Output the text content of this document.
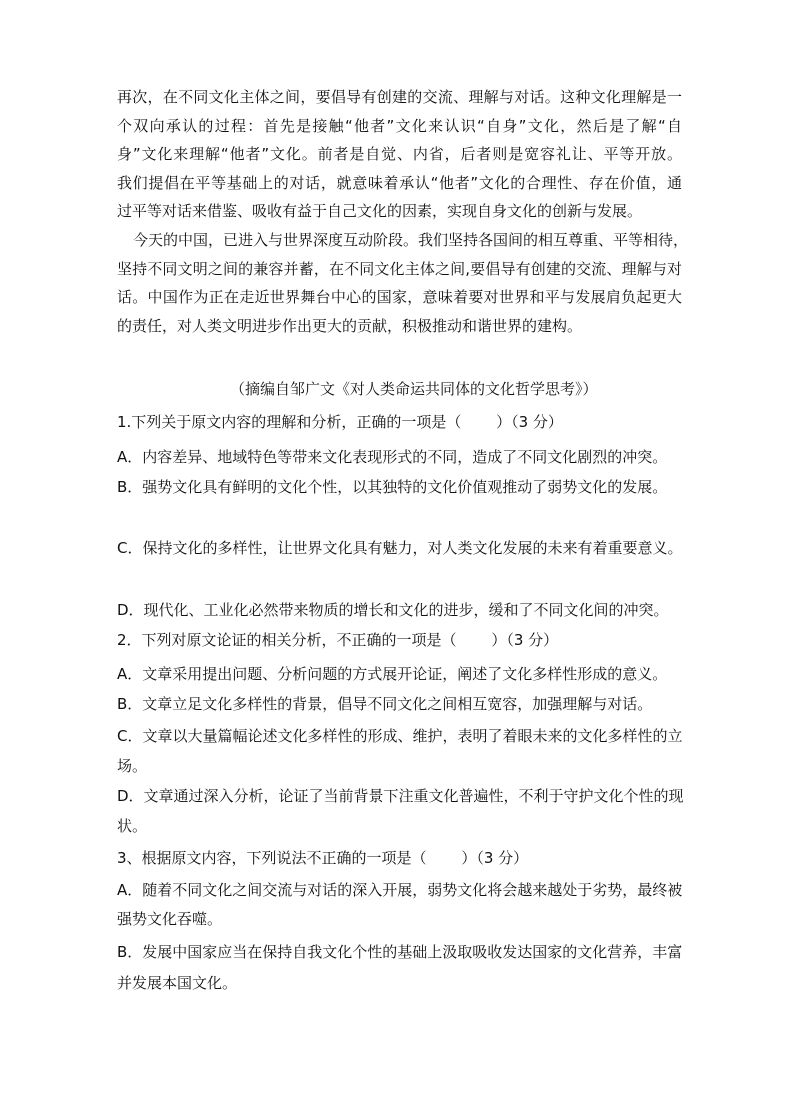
再次，在不同文化主体之间，要倡导有创建的交流、理解与对话。这种文化理解是一
个双向承认的过程：首先是接触“他者”文化来认识“自身”文化，然后是了解“自
身”文化来理解“他者”文化。前者是自觉、内省，后者则是宽容礼让、平等开放。
我们提倡在平等基础上的对话，就意味着承认“他者”文化的合理性、存在价值，通
过平等对话来借鉴、吸收有益于自己文化的因素，实现自身文化的创新与发展。
今天的中国，已进入与世界深度互动阶段。我们坚持各国间的相互尊重、平等相待，
坚持不同文明之间的兼容并蓄，在不同文化主体之间,要倡导有创建的交流、理解与对
话。中国作为正在走近世界舞台中心的国家，意味着要对世界和平与发展肩负起更大
的责任，对人类文明进步作出更大的贡献，积极推动和谐世界的建构。
（摘编自邹广文《对人类命运共同体的文化哲学思考》）
1.下列关于原文内容的理解和分析，正确的一项是（　　 ）（3 分）
A．内容差异、地域特色等带来文化表现形式的不同，造成了不同文化剧烈的冲突。
B．强势文化具有鲜明的文化个性，以其独特的文化价值观推动了弱势文化的发展。
C．保持文化的多样性，让世界文化具有魅力，对人类文化发展的未来有着重要意义。
D．现代化、工业化必然带来物质的增长和文化的进步，缓和了不同文化间的冲突。
2．下列对原文论证的相关分析，不正确的一项是（　　 ）（3 分）
A．文章采用提出问题、分析问题的方式展开论证，阐述了文化多样性形成的意义。
B．文章立足文化多样性的背景，倡导不同文化之间相互宽容，加强理解与对话。
C．文章以大量篇幅论述文化多样性的形成、维护，表明了着眼未来的文化多样性的立
场。
D．文章通过深入分析，论证了当前背景下注重文化普遍性，不利于守护文化个性的现
状。
3、根据原文内容，下列说法不正确的一项是（　　 ）（3 分）
A．随着不同文化之间交流与对话的深入开展，弱势文化将会越来越处于劣势，最终被
强势文化吞噬。
B．发展中国家应当在保持自我文化个性的基础上汲取吸收发达国家的文化营养，丰富
并发展本国文化。
